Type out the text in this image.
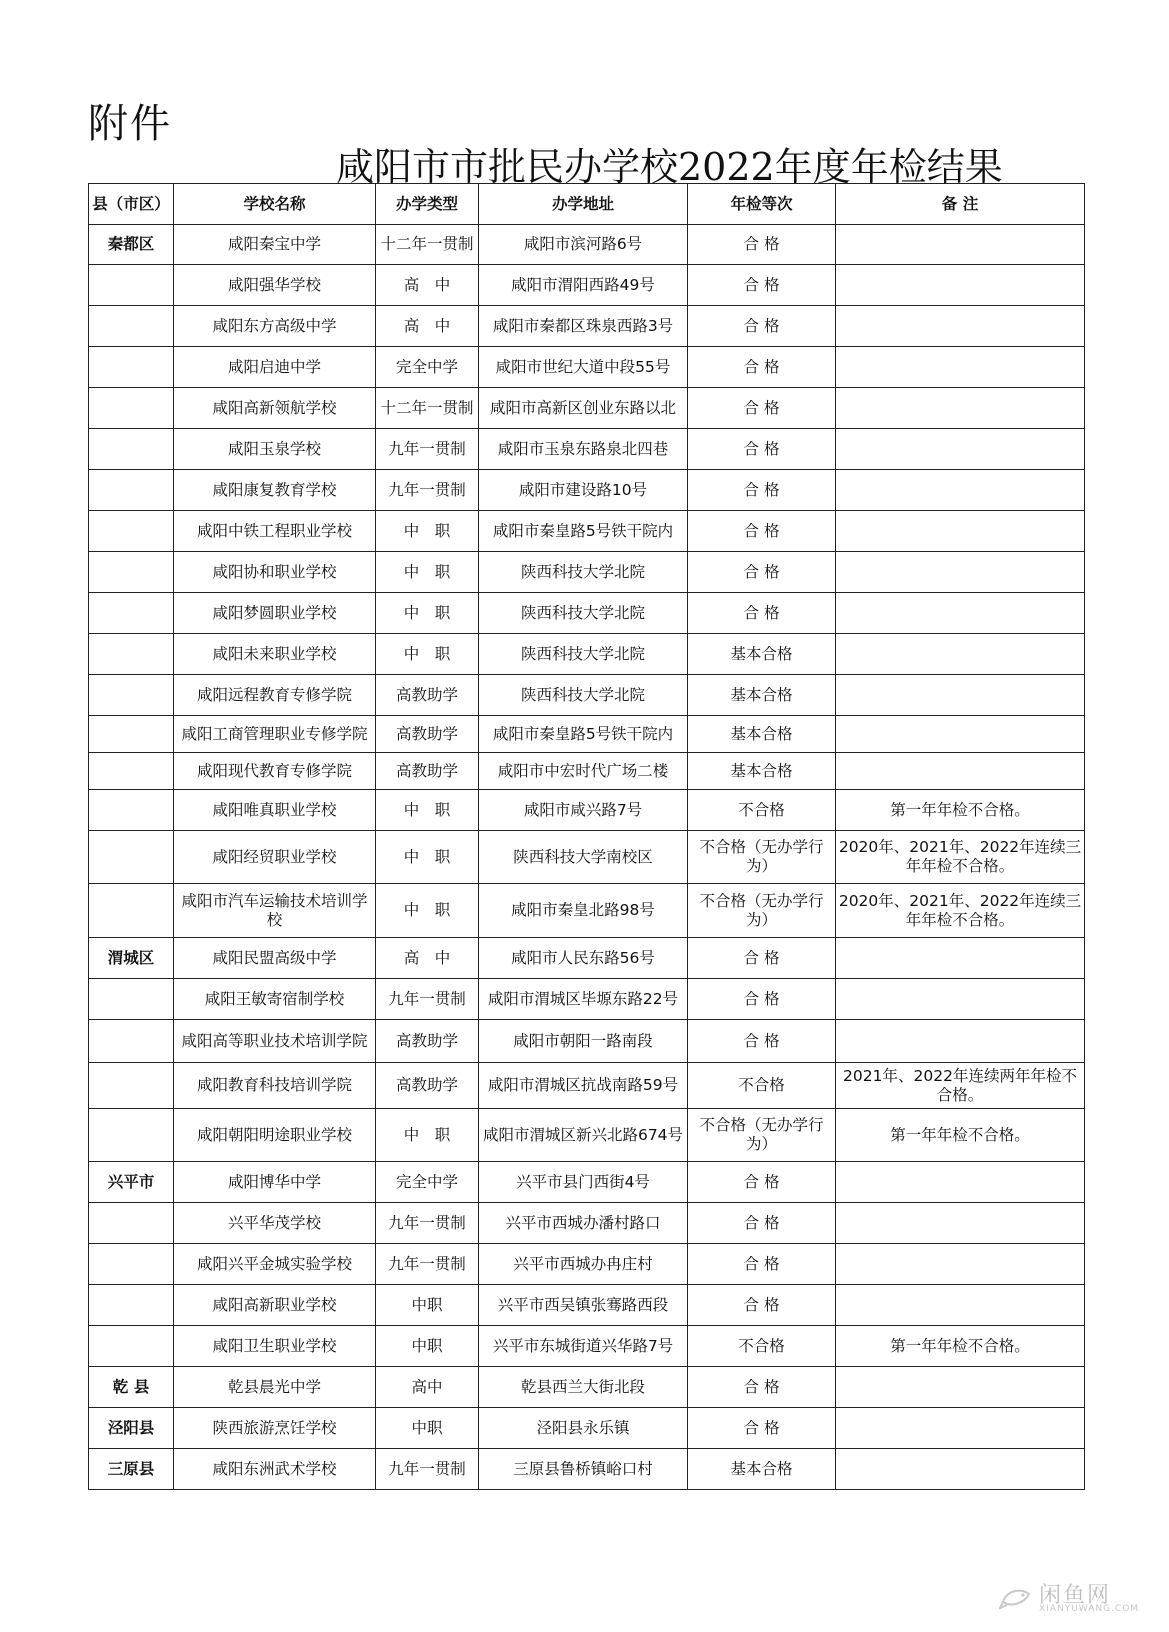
附件
咸阳市市批民办学校2022年度年检结果
县（市区）	学校名称	办学类型	办学地址	年检等次	备 注
秦都区	咸阳秦宝中学	十二年一贯制	咸阳市滨河路6号	合 格	
	咸阳强华学校	高　中	咸阳市渭阳西路49号	合 格	
	咸阳东方高级中学	高　中	咸阳市秦都区珠泉西路3号	合 格	
	咸阳启迪中学	完全中学	咸阳市世纪大道中段55号	合 格	
	咸阳高新领航学校	十二年一贯制	咸阳市高新区创业东路以北	合 格	
	咸阳玉泉学校	九年一贯制	咸阳市玉泉东路泉北四巷	合 格	
	咸阳康复教育学校	九年一贯制	咸阳市建设路10号	合 格	
	咸阳中铁工程职业学校	中　职	咸阳市秦皇路5号铁干院内	合 格	
	咸阳协和职业学校	中　职	陕西科技大学北院	合 格	
	咸阳梦圆职业学校	中　职	陕西科技大学北院	合 格	
	咸阳未来职业学校	中　职	陕西科技大学北院	基本合格	
	咸阳远程教育专修学院	高教助学	陕西科技大学北院	基本合格	
	咸阳工商管理职业专修学院	高教助学	咸阳市秦皇路5号铁干院内	基本合格	
	咸阳现代教育专修学院	高教助学	咸阳市中宏时代广场二楼	基本合格	
	咸阳唯真职业学校	中　职	咸阳市咸兴路7号	不合格	第一年年检不合格。
	咸阳经贸职业学校	中　职	陕西科技大学南校区	不合格（无办学行为）	2020年、2021年、2022年连续三年年检不合格。
	咸阳市汽车运输技术培训学校	中　职	咸阳市秦皇北路98号	不合格（无办学行为）	2020年、2021年、2022年连续三年年检不合格。
渭城区	咸阳民盟高级中学	高　中	咸阳市人民东路56号	合 格	
	咸阳王敏寄宿制学校	九年一贯制	咸阳市渭城区毕塬东路22号	合 格	
	咸阳高等职业技术培训学院	高教助学	咸阳市朝阳一路南段	合 格	
	咸阳教育科技培训学院	高教助学	咸阳市渭城区抗战南路59号	不合格	2021年、2022年连续两年年检不合格。
	咸阳朝阳明途职业学校	中　职	咸阳市渭城区新兴北路674号	不合格（无办学行为）	第一年年检不合格。
兴平市	咸阳博华中学	完全中学	兴平市县门西街4号	合 格	
	兴平华茂学校	九年一贯制	兴平市西城办潘村路口	合 格	
	咸阳兴平金城实验学校	九年一贯制	兴平市西城办冉庄村	合 格	
	咸阳高新职业学校	中职	兴平市西吴镇张骞路西段	合 格	
	咸阳卫生职业学校	中职	兴平市东城街道兴华路7号	不合格	第一年年检不合格。
乾 县	乾县晨光中学	高中	乾县西兰大街北段	合 格	
泾阳县	陕西旅游烹饪学校	中职	泾阳县永乐镇	合 格	
三原县	咸阳东洲武术学校	九年一贯制	三原县鲁桥镇峪口村	基本合格	
闲鱼网
XIANYUWANG.COM
